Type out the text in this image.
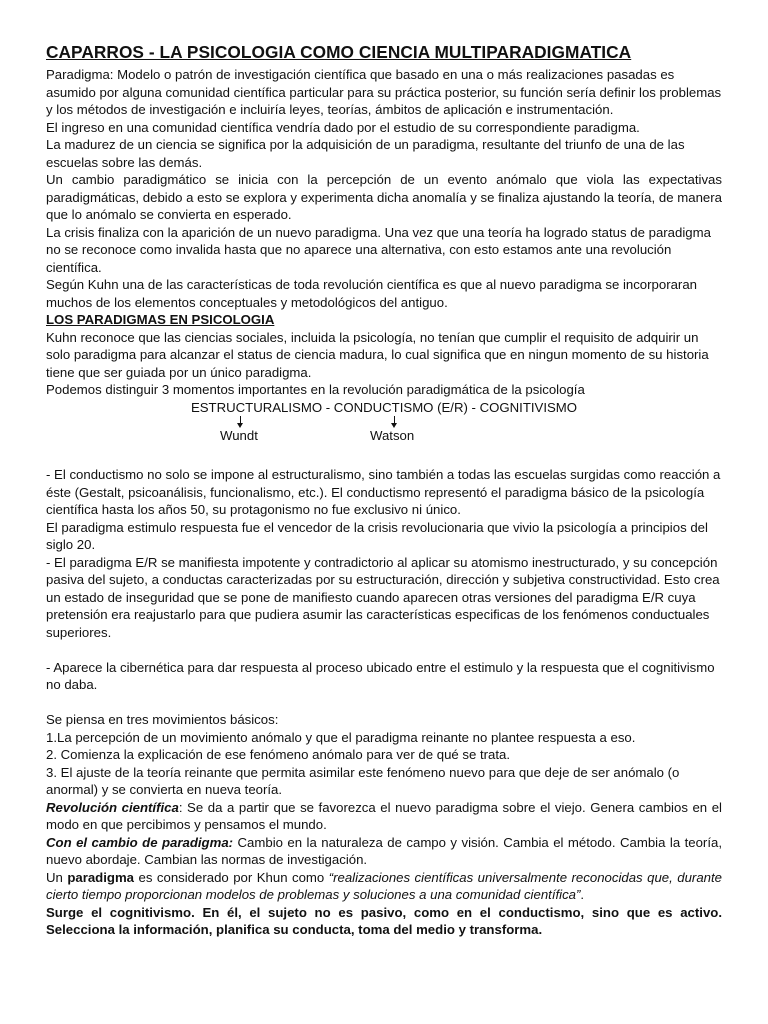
CAPARROS - LA PSICOLOGIA COMO CIENCIA MULTIPARADIGMATICA

Paradigma: Modelo o patrón de investigación científica que basado en una o más realizaciones pasadas es asumido por alguna comunidad científica particular para su práctica posterior, su función sería definir los problemas y los métodos de investigación e incluiría leyes, teorías, ámbitos de aplicación e instrumentación.

El ingreso en una comunidad científica vendría dado por el estudio de su correspondiente paradigma.

La madurez de un ciencia se significa por la adquisición de un paradigma, resultante del triunfo de una de las escuelas sobre las demás.

Un cambio paradigmático se inicia con la percepción de un evento anómalo que viola las expectativas paradigmáticas, debido a esto se explora y experimenta dicha anomalía y se finaliza ajustando la teoría, de manera que lo anómalo se convierta en esperado.

La crisis finaliza con la aparición de un nuevo paradigma. Una vez que una teoría ha logrado status de paradigma no se reconoce como invalida hasta que no aparece una alternativa, con esto estamos ante una revolución científica.

Según Kuhn una de las características de toda revolución científica es que al nuevo paradigma se incorporaran muchos de los elementos conceptuales y metodológicos del antiguo.

LOS PARADIGMAS EN PSICOLOGIA

Kuhn reconoce que las ciencias sociales, incluida la psicología, no tenían que cumplir el requisito de adquirir un solo paradigma para alcanzar el status de ciencia madura, lo cual significa que en ningun momento de su historia tiene que ser guiada por un único paradigma.

Podemos distinguir 3 momentos importantes en la revolución paradigmática de la psicología

ESTRUCTURALISMO - CONDUCTISMO (E/R) - COGNITIVISMO
Wundt	Watson

- El conductismo no solo se impone al estructuralismo, sino también a todas las escuelas surgidas como reacción a éste (Gestalt, psicoanálisis, funcionalismo, etc.). El conductismo representó el paradigma básico de la psicología científica hasta los años 50, su protagonismo no fue exclusivo ni único.

El paradigma estimulo respuesta fue el vencedor de la crisis revolucionaria que vivio la psicología a principios del siglo 20.

- El paradigma E/R se manifiesta impotente y contradictorio al aplicar su atomismo inestructurado, y su concepción pasiva del sujeto, a conductas caracterizadas por su estructuración, dirección y subjetiva constructividad. Esto crea un estado de inseguridad que se pone de manifiesto cuando aparecen otras versiones del paradigma E/R cuya pretensión era reajustarlo para que pudiera asumir las características especificas de los fenómenos conductuales superiores.

- Aparece la cibernética para dar respuesta al proceso ubicado entre el estimulo y la respuesta que el cognitivismo no daba.

Se piensa en tres movimientos básicos:

1.La percepción de un movimiento anómalo y que el paradigma reinante no plantee respuesta a eso.

2. Comienza la explicación de ese fenómeno anómalo para ver de qué se trata.

3. El ajuste de la teoría reinante que permita asimilar este fenómeno nuevo para que deje de ser anómalo (o anormal) y se convierta en nueva teoría.

Revolución científica: Se da a partir que se favorezca el nuevo paradigma sobre el viejo. Genera cambios en el modo en que percibimos y pensamos el mundo.

Con el cambio de paradigma: Cambio en la naturaleza de campo y visión. Cambia el método. Cambia la teoría, nuevo abordaje. Cambian las normas de investigación.

Un paradigma es considerado por Khun como “realizaciones científicas universalmente reconocidas que, durante cierto tiempo proporcionan modelos de problemas y soluciones a una comunidad científica”.

Surge el cognitivismo. En él, el sujeto no es pasivo, como en el conductismo, sino que es activo. Selecciona la información, planifica su conducta, toma del medio y transforma.
